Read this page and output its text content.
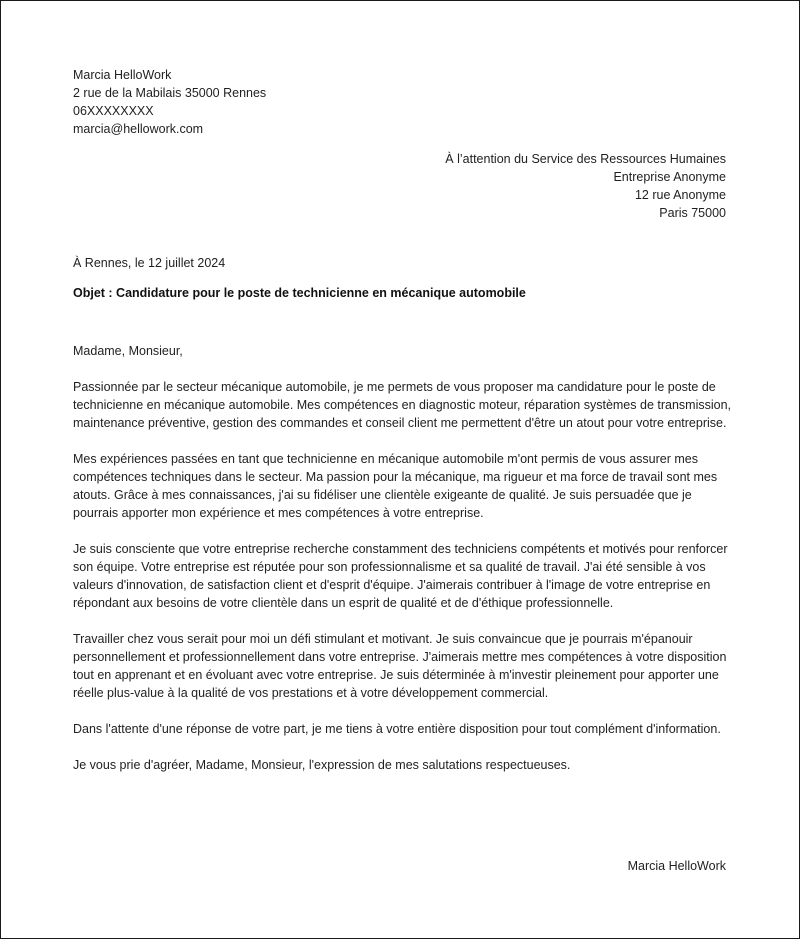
Marcia HelloWork
2 rue de la Mabilais 35000 Rennes
06XXXXXXXX
marcia@hellowork.com
À l’attention du Service des Ressources Humaines
Entreprise Anonyme
12 rue Anonyme
Paris 75000
À Rennes, le 12 juillet 2024
Objet : Candidature pour le poste de technicienne en mécanique automobile

Madame, Monsieur,

Passionnée par le secteur mécanique automobile, je me permets de vous proposer ma candidature pour le poste de technicienne en mécanique automobile. Mes compétences en diagnostic moteur, réparation systèmes de transmission, maintenance préventive, gestion des commandes et conseil client me permettent d'être un atout pour votre entreprise.

Mes expériences passées en tant que technicienne en mécanique automobile m'ont permis de vous assurer mes compétences techniques dans le secteur. Ma passion pour la mécanique, ma rigueur et ma force de travail sont mes atouts. Grâce à mes connaissances, j'ai su fidéliser une clientèle exigeante de qualité. Je suis persuadée que je pourrais apporter mon expérience et mes compétences à votre entreprise.

Je suis consciente que votre entreprise recherche constamment des techniciens compétents et motivés pour renforcer son équipe. Votre entreprise est réputée pour son professionnalisme et sa qualité de travail. J'ai été sensible à vos valeurs d'innovation, de satisfaction client et d'esprit d'équipe. J'aimerais contribuer à l'image de votre entreprise en répondant aux besoins de votre clientèle dans un esprit de qualité et de d'éthique professionnelle.

Travailler chez vous serait pour moi un défi stimulant et motivant. Je suis convaincue que je pourrais m'épanouir personnellement et professionnellement dans votre entreprise. J'aimerais mettre mes compétences à votre disposition tout en apprenant et en évoluant avec votre entreprise. Je suis déterminée à m'investir pleinement pour apporter une réelle plus-value à la qualité de vos prestations et à votre développement commercial.

Dans l'attente d'une réponse de votre part, je me tiens à votre entière disposition pour tout complément d'information.

Je vous prie d'agréer, Madame, Monsieur, l'expression de mes salutations respectueuses.

Marcia HelloWork
